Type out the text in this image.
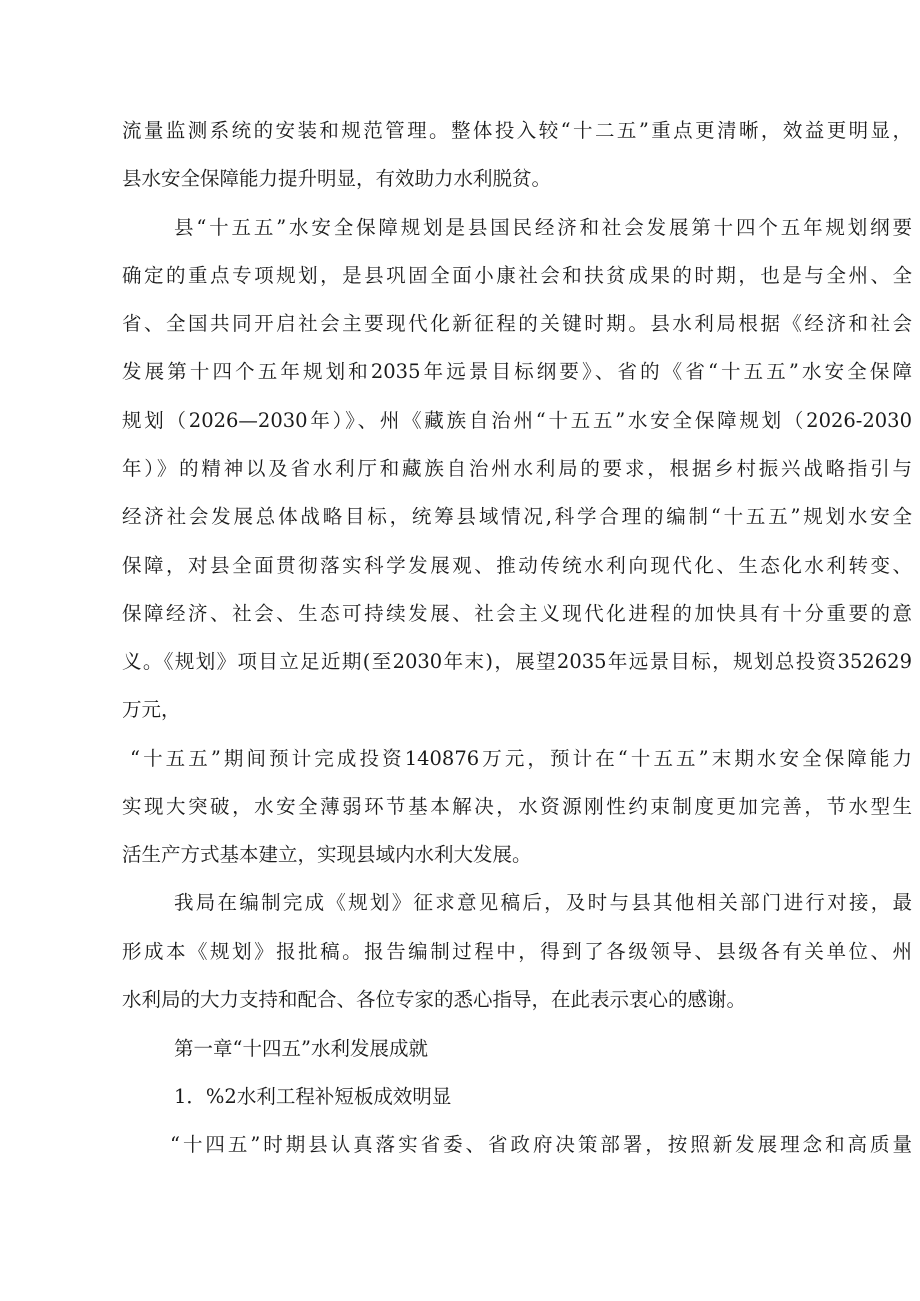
流量监测系统的安装和规范管理。整体投入较“十二五”重点更清晰，效益更明显，
县水安全保障能力提升明显，有效助力水利脱贫。
县“十五五”水安全保障规划是县国民经济和社会发展第十四个五年规划纲要
确定的重点专项规划，是县巩固全面小康社会和扶贫成果的时期，也是与全州、全
省、全国共同开启社会主要现代化新征程的关键时期。县水利局根据《经济和社会
发展第十四个五年规划和2035年远景目标纲要》、省的《省“十五五”水安全保障
规划（2026—2030年）》、州《藏族自治州“十五五”水安全保障规划（2026-2030
年）》的精神以及省水利厅和藏族自治州水利局的要求，根据乡村振兴战略指引与
经济社会发展总体战略目标，统筹县域情况,科学合理的编制“十五五”规划水安全
保障，对县全面贯彻落实科学发展观、推动传统水利向现代化、生态化水利转变、
保障经济、社会、生态可持续发展、社会主义现代化进程的加快具有十分重要的意
义。《规划》项目立足近期(至2030年末)，展望2035年远景目标，规划总投资352629
万元，
“十五五”期间预计完成投资140876万元，预计在“十五五”末期水安全保障能力
实现大突破，水安全薄弱环节基本解决，水资源刚性约束制度更加完善，节水型生
活生产方式基本建立，实现县域内水利大发展。
我局在编制完成《规划》征求意见稿后，及时与县其他相关部门进行对接，最
形成本《规划》报批稿。报告编制过程中，得到了各级领导、县级各有关单位、州
水利局的大力支持和配合、各位专家的悉心指导，在此表示衷心的感谢。
第一章“十四五”水利发展成就
1．%2水利工程补短板成效明显
“十四五”时期县认真落实省委、省政府决策部署，按照新发展理念和高质量
